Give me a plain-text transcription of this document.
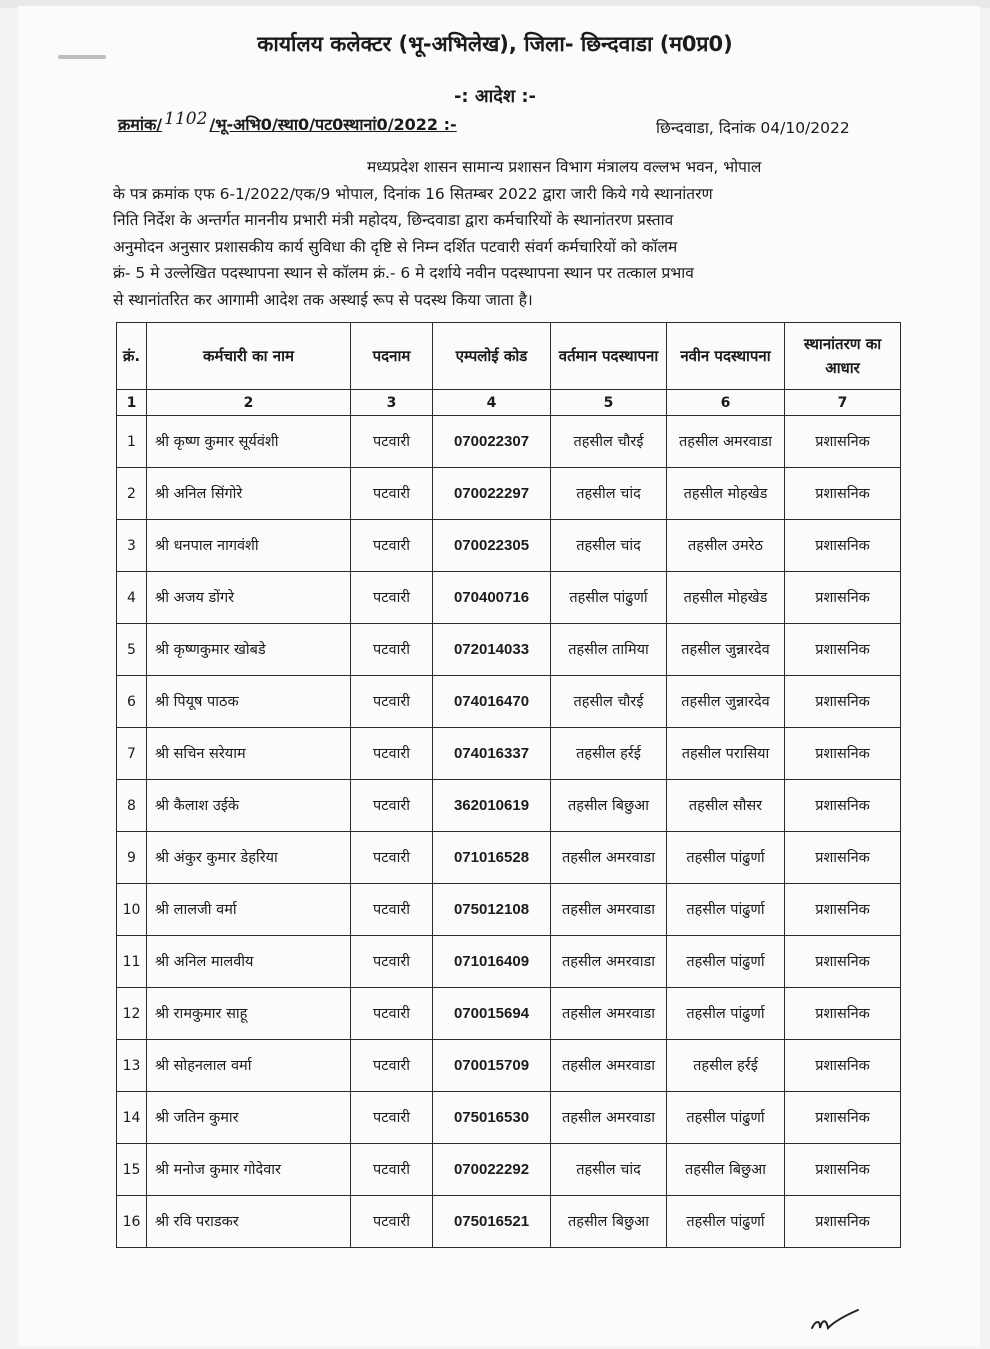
कार्यालय कलेक्टर (भू-अभिलेख), जिला- छिन्दवाडा (म0प्र0)
-: आदेश :-
क्रमांक/ 1102 /भू-अभि0/स्था0/पट0स्थानां0/2022 :-	छिन्दवाडा, दिनांक 04/10/2022

मध्यप्रदेश शासन सामान्य प्रशासन विभाग मंत्रालय वल्लभ भवन, भोपाल

के पत्र क्रमांक एफ 6-1/2022/एक/9 भोपाल, दिनांक 16 सितम्बर 2022 द्वारा जारी किये गये स्थानांतरण

निति निर्देश के अन्तर्गत माननीय प्रभारी मंत्री महोदय, छिन्दवाडा द्वारा कर्मचारियों के स्थानांतरण प्रस्ताव

अनुमोदन अनुसार प्रशासकीय कार्य सुविधा की दृष्टि से निम्न दर्शित पटवारी संवर्ग कर्मचारियों को कॉलम

क्रं- 5 मे उल्लेखित पदस्थापना स्थान से कॉलम क्रं.- 6 मे दर्शाये नवीन पदस्थापना स्थान पर तत्काल प्रभाव

से स्थानांतरित कर आगामी आदेश तक अस्थाई रूप से पदस्थ किया जाता है।

क्रं.	कर्मचारी का नाम	पदनाम	एम्पलोई कोड	वर्तमान पदस्थापना	नवीन पदस्थापना	स्थानांतरण का आधार
1	2	3	4	5	6	7
1	श्री कृष्ण कुमार सूर्यवंशी	पटवारी	070022307	तहसील चौरई	तहसील अमरवाडा	प्रशासनिक
2	श्री अनिल सिंगोरे	पटवारी	070022297	तहसील चांद	तहसील मोहखेड	प्रशासनिक
3	श्री धनपाल नागवंशी	पटवारी	070022305	तहसील चांद	तहसील उमरेठ	प्रशासनिक
4	श्री अजय डोंगरे	पटवारी	070400716	तहसील पांढुर्णा	तहसील मोहखेड	प्रशासनिक
5	श्री कृष्णकुमार खोबडे	पटवारी	072014033	तहसील तामिया	तहसील जुन्नारदेव	प्रशासनिक
6	श्री पियूष पाठक	पटवारी	074016470	तहसील चौरई	तहसील जुन्नारदेव	प्रशासनिक
7	श्री सचिन सरेयाम	पटवारी	074016337	तहसील हर्रई	तहसील परासिया	प्रशासनिक
8	श्री कैलाश उईके	पटवारी	362010619	तहसील बिछुआ	तहसील सौसर	प्रशासनिक
9	श्री अंकुर कुमार डेहरिया	पटवारी	071016528	तहसील अमरवाडा	तहसील पांढुर्णा	प्रशासनिक
10	श्री लालजी वर्मा	पटवारी	075012108	तहसील अमरवाडा	तहसील पांढुर्णा	प्रशासनिक
11	श्री अनिल मालवीय	पटवारी	071016409	तहसील अमरवाडा	तहसील पांढुर्णा	प्रशासनिक
12	श्री रामकुमार साहू	पटवारी	070015694	तहसील अमरवाडा	तहसील पांढुर्णा	प्रशासनिक
13	श्री सोहनलाल वर्मा	पटवारी	070015709	तहसील अमरवाडा	तहसील हर्रई	प्रशासनिक
14	श्री जतिन कुमार	पटवारी	075016530	तहसील अमरवाडा	तहसील पांढुर्णा	प्रशासनिक
15	श्री मनोज कुमार गोदेवार	पटवारी	070022292	तहसील चांद	तहसील बिछुआ	प्रशासनिक
16	श्री रवि पराडकर	पटवारी	075016521	तहसील बिछुआ	तहसील पांढुर्णा	प्रशासनिक
